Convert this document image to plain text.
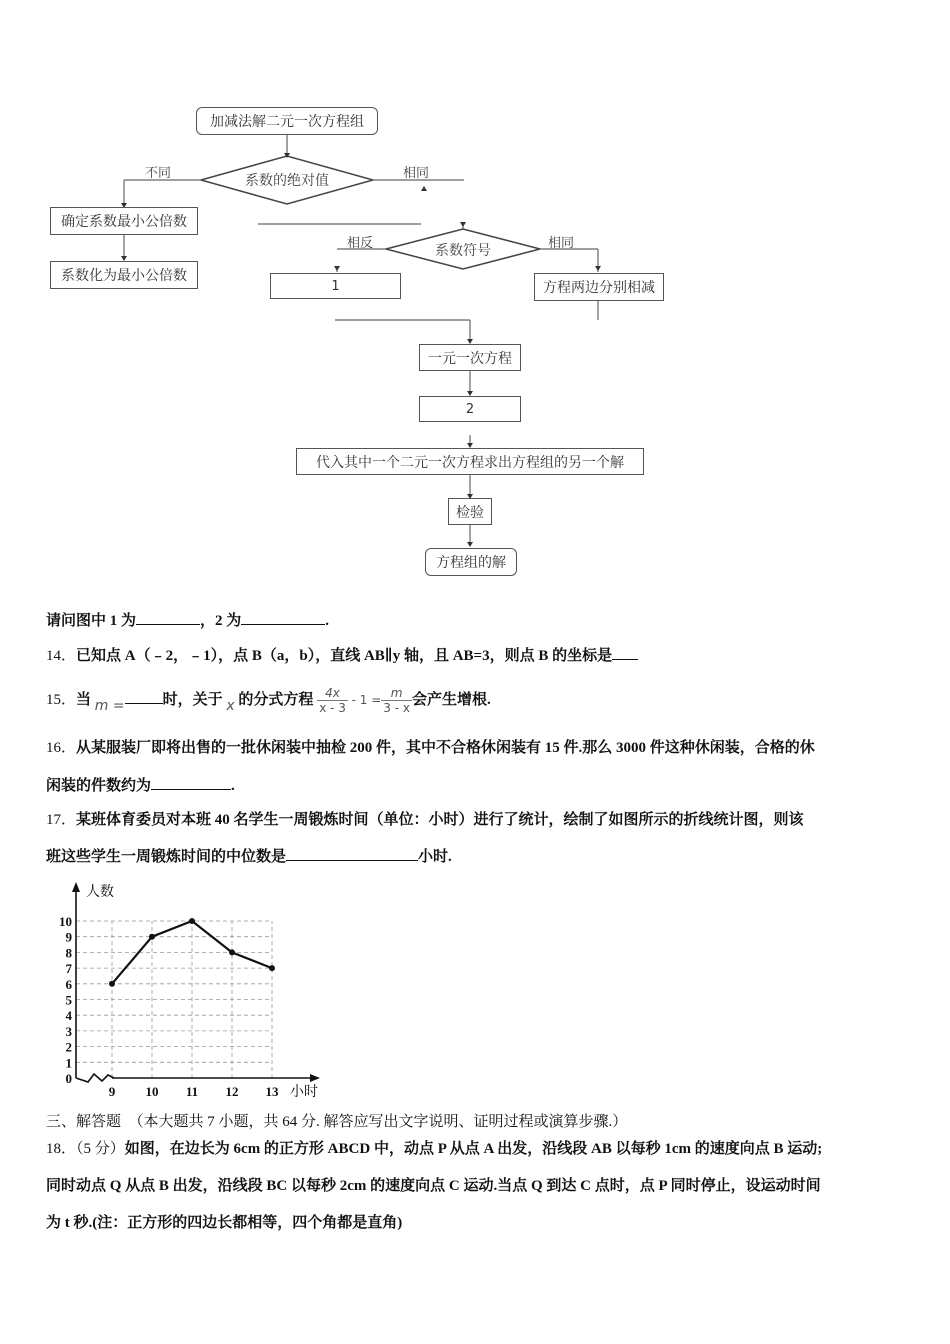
加减法解二元一次方程组
系数的绝对值
不同	相同
确定系数最小公倍数
系数化为最小公倍数
系数符号
相反	相同
1	方程两边分别相减
一元一次方程
2
代入其中一个二元一次方程求出方程组的另一个解
检验
方程组的解
请问图中 1 为	，2 为	.
14．已知点 A（﹣2，﹣1），点 B（a，b），直线 AB∥y 轴，且 AB=3，则点 B 的坐标是
15．当 m =	时，关于 x 的分式方程 $\frac{4x}{x - 3} - 1 = \frac{m}{3 - x}$ 会产生增根.
16．从某服装厂即将出售的一批休闲装中抽检 200 件，其中不合格休闲装有 15 件.那么 3000 件这种休闲装，合格的休
闲装的件数约为	.
17．某班体育委员对本班 40 名学生一周锻炼时间（单位：小时）进行了统计，绘制了如图所示的折线统计图，则该
班这些学生一周锻炼时间的中位数是	小时.
人数
小时
0
1
2
3
4
5
6
7
8
9
10
9 10 11 12 13
三、解答题 （本大题共 7 小题，共 64 分. 解答应写出文字说明、证明过程或演算步骤.）
18．（5 分）如图，在边长为 6cm 的正方形 ABCD 中，动点 P 从点 A 出发，沿线段 AB 以每秒 1cm 的速度向点 B 运动;
同时动点 Q 从点 B 出发，沿线段 BC 以每秒 2cm 的速度向点 C 运动.当点 Q 到达 C 点时，点 P 同时停止，设运动时间
为 t 秒.(注：正方形的四边长都相等，四个角都是直角)
